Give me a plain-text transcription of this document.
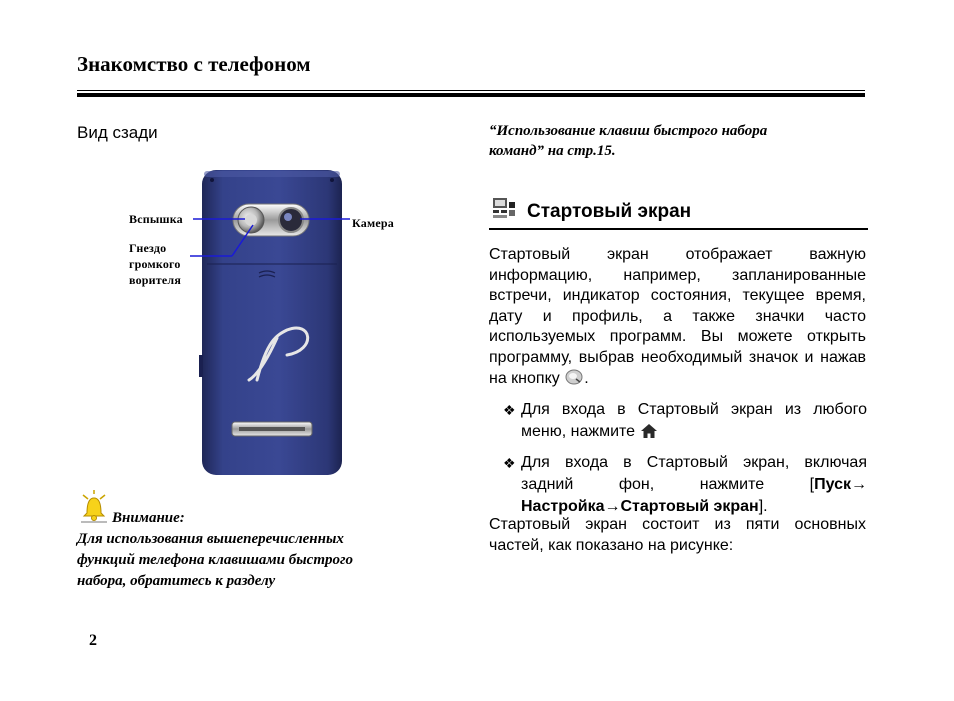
Знакомство с телефоном
Вид сзади
Вспышка
Гнездо
громкого
ворителя
Камера
Внимание:
Для использования вышеперечисленных
функций телефона клавишами быстрого
набора, обратитесь к разделу
2
“Использование клавиш быстрого набора
команд” на стр.15.
Стартовый экран
Стартовый экран отображает важную информацию, например, запланированные встречи, индикатор состояния, текущее время, дату и профиль, а также значки часто используемых программ. Вы можете открыть программу, выбрав необходимый значок и нажав на кнопку .
❖ Для входа в Стартовый экран из любого меню, нажмите
❖ Для входа в Стартовый экран, включая задний фон, нажмите [Пуск→ Настройка→Стартовый экран].
Стартовый экран состоит из пяти основных частей, как показано на рисунке:
